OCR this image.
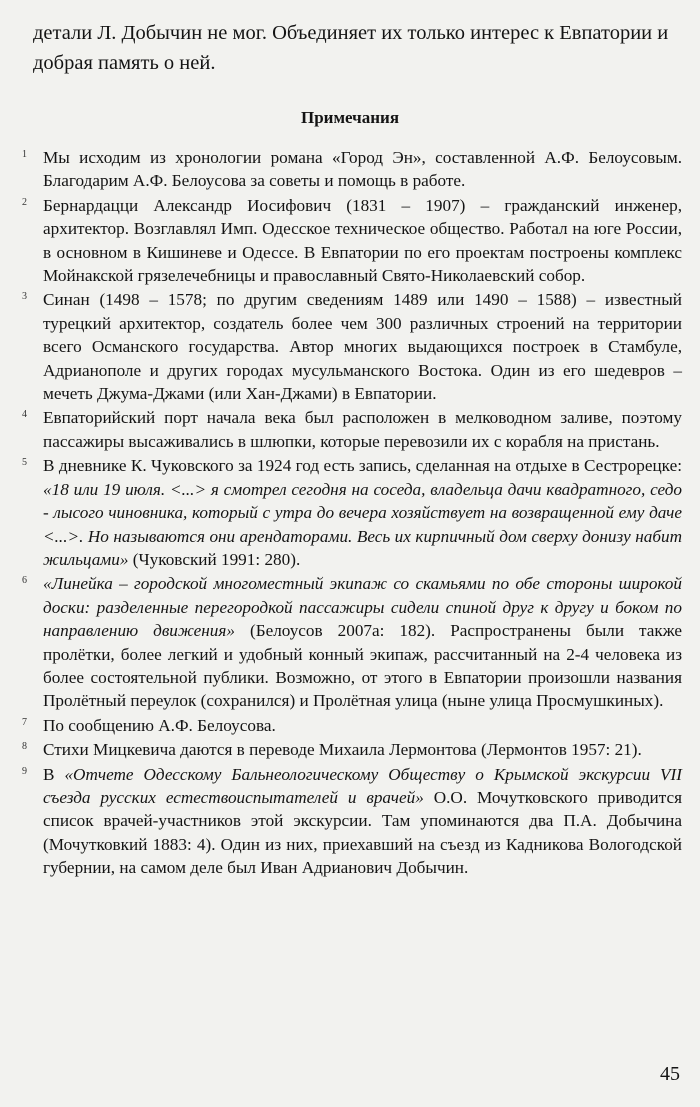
детали Л. Добычин не мог. Объединяет их только интерес к Евпатории и добрая память о ней.

Примечания
1 Мы исходим из хронологии романа «Город Эн», составленной А.Ф. Белоусовым. Благодарим А.Ф. Белоусова за советы и помощь в работе.
2 Бернардацци Александр Иосифович (1831 – 1907) – гражданский инженер, архитектор. Возглавлял Имп. Одесское техническое общество. Работал на юге России, в основном в Кишиневе и Одессе. В Евпатории по его проектам построены комплекс Мойнакской грязелечебницы и православный Свято-Николаевский собор.
3 Синан (1498 – 1578; по другим сведениям 1489 или 1490 – 1588) – известный турецкий архитектор, создатель более чем 300 различных строений на территории всего Османского государства. Автор многих выдающихся построек в Стамбуле, Адрианополе и других городах мусульманского Востока. Один из его шедевров – мечеть Джума-Джами (или Хан-Джами) в Евпатории.
4 Евпаторийский порт начала века был расположен в мелководном заливе, поэтому пассажиры высаживались в шлюпки, которые перевозили их с корабля на пристань.
5 В дневнике К. Чуковского за 1924 год есть запись, сделанная на отдыхе в Сестрорецке: «18 или 19 июля. <...> я смотрел сегодня на соседа, владельца дачи квадратного, седо - лысого чиновника, который с утра до вечера хозяйствует на возвращенной ему даче <...>. Но называются они арендаторами. Весь их кирпичный дом сверху донизу набит жильцами» (Чуковский 1991: 280).
6 «Линейка – городской многоместный экипаж со скамьями по обе стороны широкой доски: разделенные перегородкой пассажиры сидели спиной друг к другу и боком по направлению движения» (Белоусов 2007а: 182). Распространены были также пролётки, более легкий и удобный конный экипаж, рассчитанный на 2-4 человека из более состоятельной публики. Возможно, от этого в Евпатории произошли названия Пролётный переулок (сохранился) и Пролётная улица (ныне улица Просмушкиных).
7 По сообщению А.Ф. Белоусова.
8 Стихи Мицкевича даются в переводе Михаила Лермонтова (Лермонтов 1957: 21).
9 В «Отчете Одесскому Бальнеологическому Обществу о Крымской экскурсии VII съезда русских естествоиспытателей и врачей» О.О. Мочутковского приводится список врачей-участников этой экскурсии. Там упоминаются два П.А. Добычина (Мочутковкий 1883: 4). Один из них, приехавший на съезд из Кадникова Вологодской губернии, на самом деле был Иван Адрианович Добычин.
45
